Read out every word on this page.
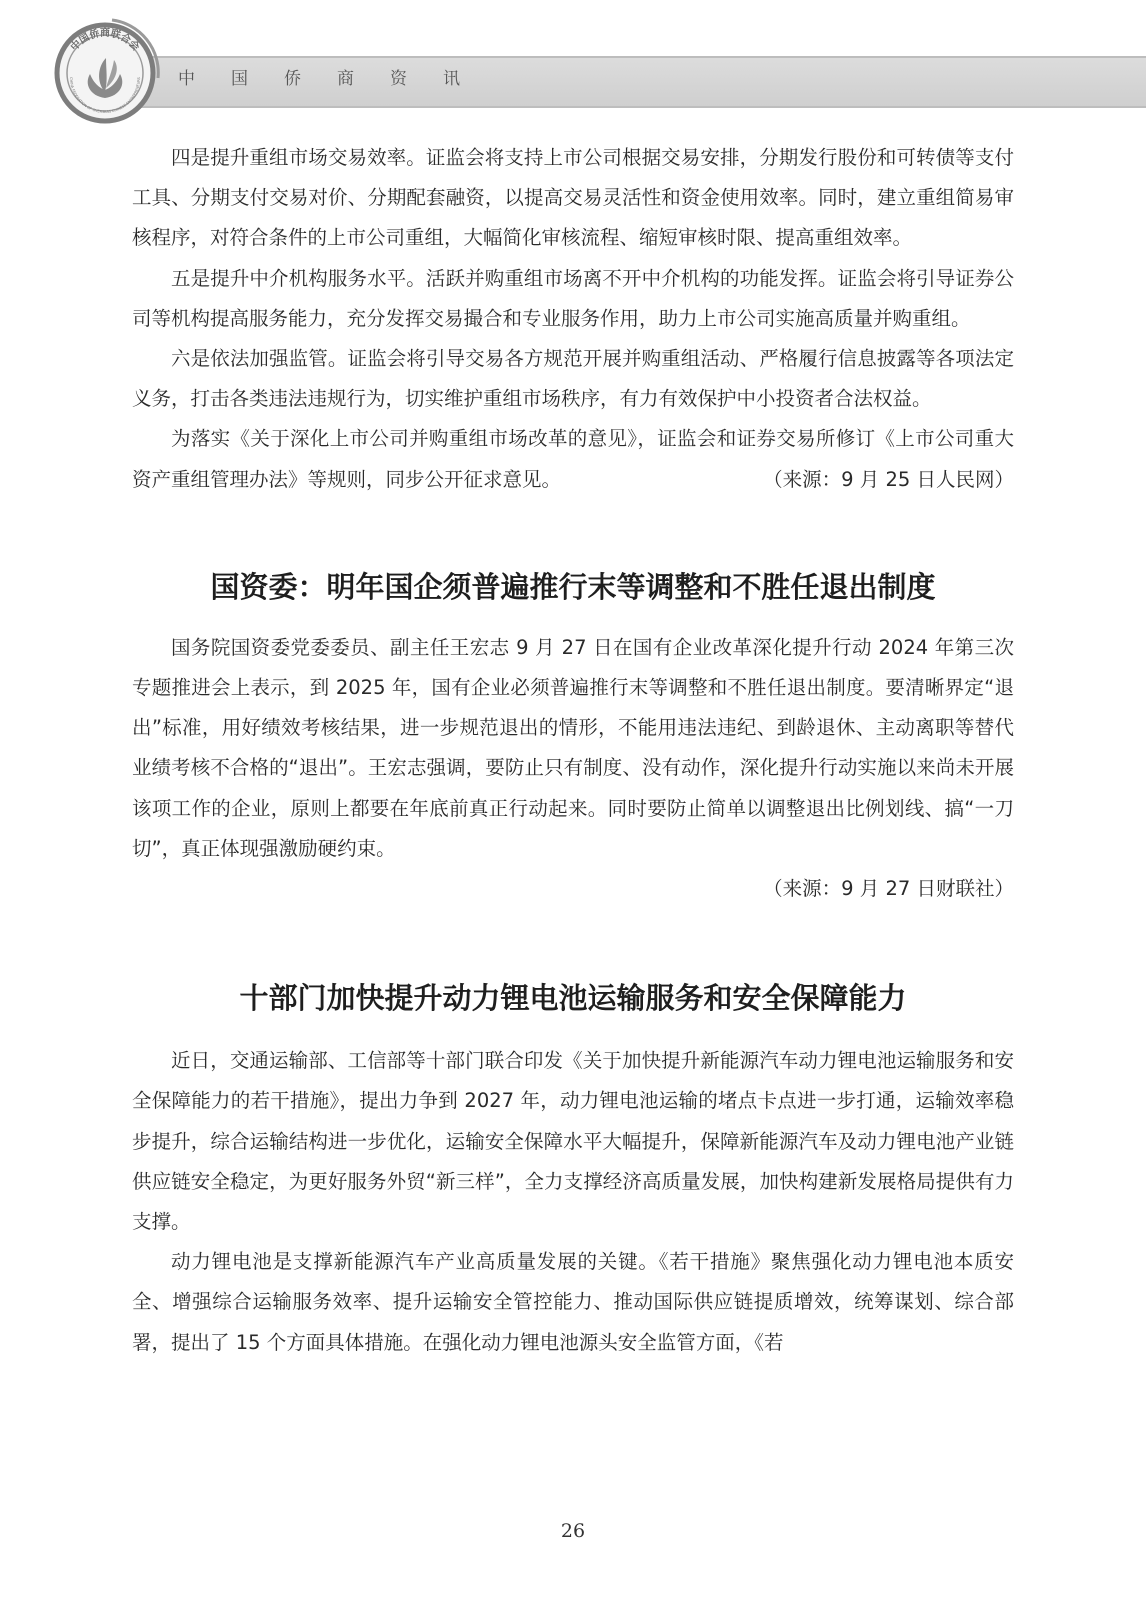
中国侨商联合会
CHINA FEDERATION OF OVERSEAS CHINESE ENTREPRENEURS 中国侨商资讯

四是提升重组市场交易效率。证监会将支持上市公司根据交易安排，分期发行股份和可转债等支付工具、分期支付交易对价、分期配套融资，以提高交易灵活性和资金使用效率。同时，建立重组简易审核程序，对符合条件的上市公司重组，大幅简化审核流程、缩短审核时限、提高重组效率。

五是提升中介机构服务水平。活跃并购重组市场离不开中介机构的功能发挥。证监会将引导证券公司等机构提高服务能力，充分发挥交易撮合和专业服务作用，助力上市公司实施高质量并购重组。

六是依法加强监管。证监会将引导交易各方规范开展并购重组活动、严格履行信息披露等各项法定义务，打击各类违法违规行为，切实维护重组市场秩序，有力有效保护中小投资者合法权益。

为落实《关于深化上市公司并购重组市场改革的意见》，证监会和证券交易所修订《上市公司重大资产重组管理办法》等规则，同步公开征求意见。	（来源：9 月 25 日人民网）

国资委：明年国企须普遍推行末等调整和不胜任退出制度

国务院国资委党委委员、副主任王宏志 9 月 27 日在国有企业改革深化提升行动 2024 年第三次专题推进会上表示，到 2025 年，国有企业必须普遍推行末等调整和不胜任退出制度。要清晰界定“退出”标准，用好绩效考核结果，进一步规范退出的情形，不能用违法违纪、到龄退休、主动离职等替代业绩考核不合格的“退出”。王宏志强调，要防止只有制度、没有动作，深化提升行动实施以来尚未开展该项工作的企业，原则上都要在年底前真正行动起来。同时要防止简单以调整退出比例划线、搞“一刀切”，真正体现强激励硬约束。

（来源：9 月 27 日财联社）

十部门加快提升动力锂电池运输服务和安全保障能力

近日，交通运输部、工信部等十部门联合印发《关于加快提升新能源汽车动力锂电池运输服务和安全保障能力的若干措施》，提出力争到 2027 年，动力锂电池运输的堵点卡点进一步打通，运输效率稳步提升，综合运输结构进一步优化，运输安全保障水平大幅提升，保障新能源汽车及动力锂电池产业链供应链安全稳定，为更好服务外贸“新三样”，全力支撑经济高质量发展，加快构建新发展格局提供有力支撑。

动力锂电池是支撑新能源汽车产业高质量发展的关键。《若干措施》聚焦强化动力锂电池本质安全、增强综合运输服务效率、提升运输安全管控能力、推动国际供应链提质增效，统筹谋划、综合部署，提出了 15 个方面具体措施。在强化动力锂电池源头安全监管方面，《若

26
